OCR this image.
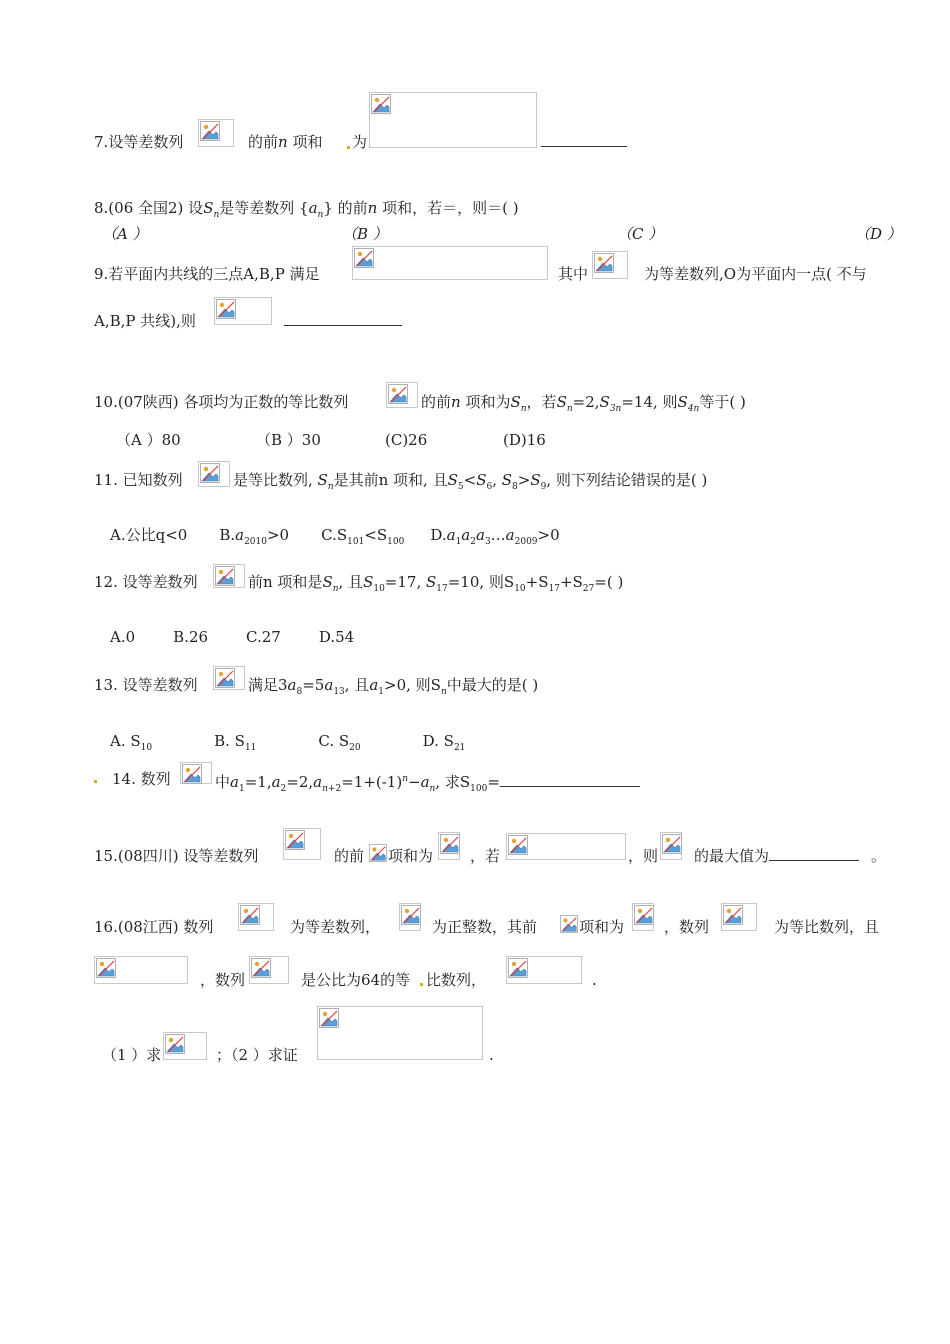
7.设等差数列	的前n 项和 为
8.(06 全国2) 设$S_n$是等差数列 $\{a_n\}$ 的前n 项和，若＝，则＝( )
（A ）	（B ）	（C ）	（D ）
9.若平面内共线的三点A,B,P 满足	其中	为等差数列,O为平面内一点( 不与
A,B,P 共线),则
10.(07陕西) 各项均为正数的等比数列	的前n 项和为$S_n$，若$S_n=2,S_{3n}=14$, 则$S_{4n}$等于( )
（A ）80	（B ）30	(C)26	(D)16
11. 已知数列	是等比数列, $S_n$是其前n 项和, 且$S_5<S_6$, $S_8>S_9$, 则下列结论错误的是( )
A.公比q<0 $B.a_{2010}>0$ $C.S_{101}<S_{100}$ $D.a_1a_2a_3\dots a_{2009}>0$
12. 设等差数列	前n 项和是$S_n$, 且$S_{10}=17$, $S_{17}=10$, 则$S_{10}+S_{17}+S_{27}=$( )
A.0	B.26	C.27	D.54
13. 设等差数列	满足$3a_8=5a_{13}$, 且$a_1>0$, 则$S_n$中最大的是( )
A. $S_{10}$	B. $S_{11}$	C. $S_{20}$	D. $S_{21}$
14. 数列	中$a_1=1,a_2=2,a_{n+2}=1+(-1)^n-a_n$, 求$S_{100}=$
15.(08四川) 设等差数列	的前 项和为 ，若	，则 的最大值为	。
16.(08江西) 数列	为等差数列，	为正整数，其前	项和为	，数列	为等比数列，且
，数列	是公比为64的等 比数列，	.
（1 ）求	；（2 ）求证	.
